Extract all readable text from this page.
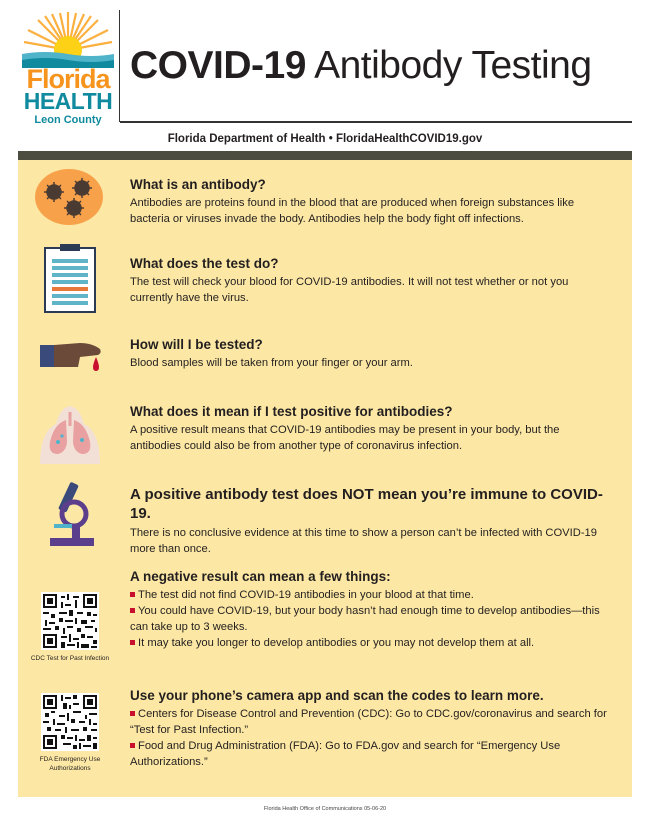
Florida
HEALTH
Leon County
COVID-19 Antibody Testing
Florida Department of Health • FloridaHealthCOVID19.gov
What is an antibody?

Antibodies are proteins found in the blood that are produced when foreign substances like bacteria or viruses invade the body. Antibodies help the body fight off infections.

What does the test do?

The test will check your blood for COVID-19 antibodies. It will not test whether or not you currently have the virus.

How will I be tested?

Blood samples will be taken from your finger or your arm.

What does it mean if I test positive for antibodies?

A positive result means that COVID-19 antibodies may be present in your body, but the antibodies could also be from another type of coronavirus infection.

A positive antibody test does NOT mean you’re immune to COVID-19.

There is no conclusive evidence at this time to show a person can’t be infected with COVID-19 more than once.

CDC Test for Past Infection
A negative result can mean a few things:
The test did not find COVID-19 antibodies in your blood at that time.
You could have COVID-19, but your body hasn’t had enough time to develop antibodies—this can take up to 3 weeks.
It may take you longer to develop antibodies or you may not develop them at all.
FDA Emergency Use Authorizations
Use your phone’s camera app and scan the codes to learn more.
Centers for Disease Control and Prevention (CDC): Go to CDC.gov/coronavirus and search for “Test for Past Infection.”
Food and Drug Administration (FDA): Go to FDA.gov and search for “Emergency Use Authorizations.”
Florida Health Office of Communications 05-06-20
